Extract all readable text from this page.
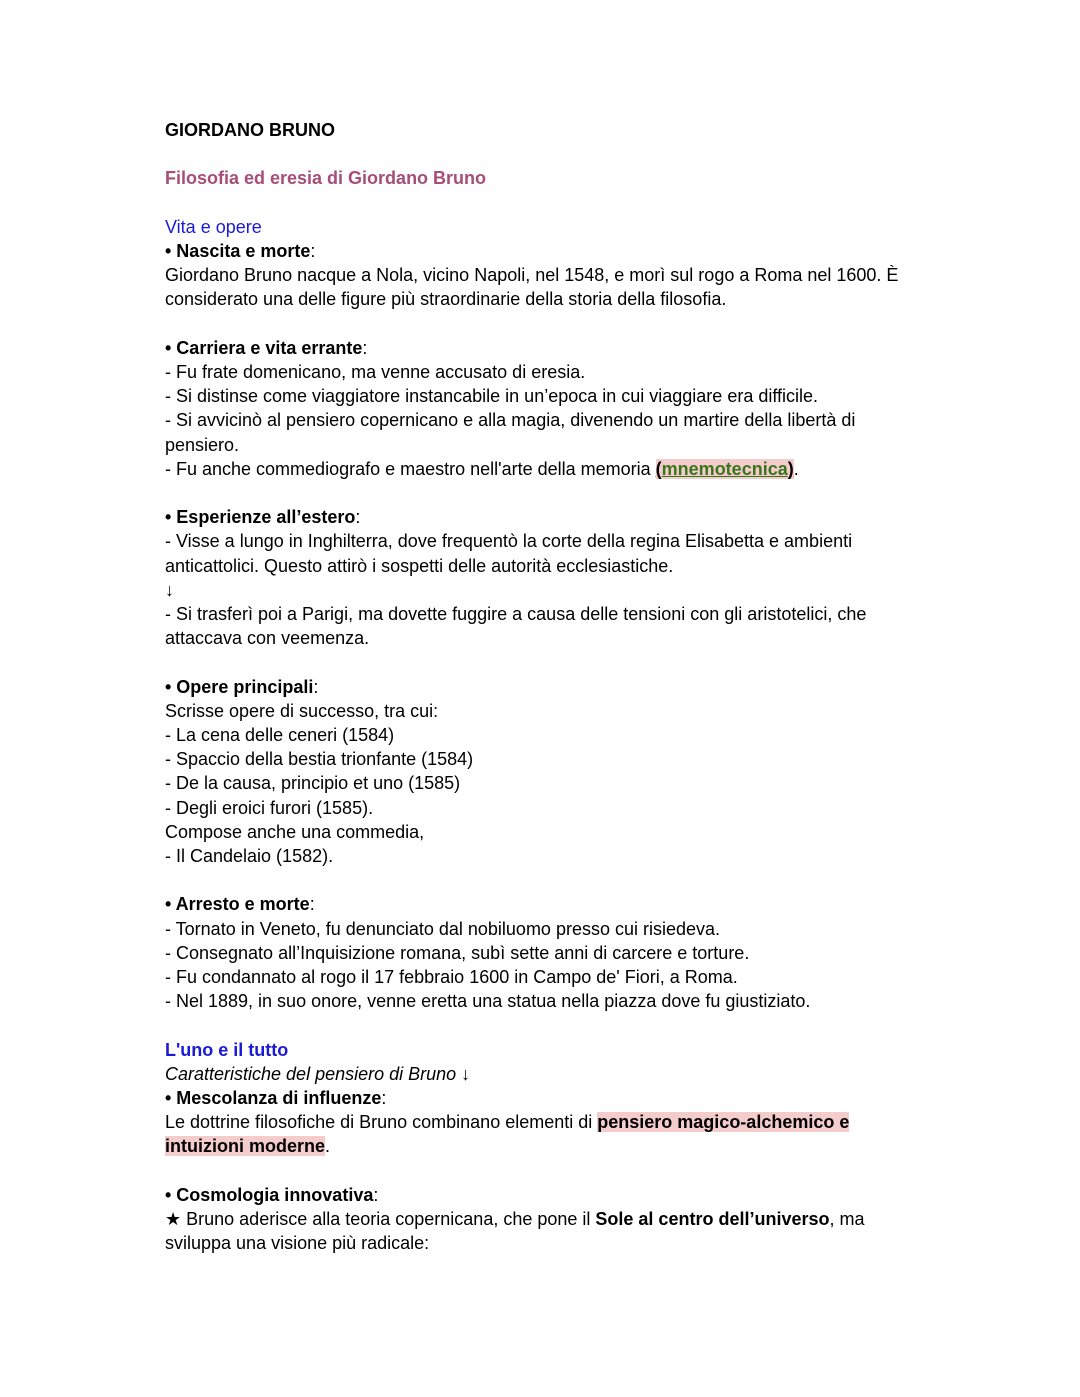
GIORDANO BRUNO

Filosofia ed eresia di Giordano Bruno

Vita e opere

• Nascita e morte:

Giordano Bruno nacque a Nola, vicino Napoli, nel 1548, e morì sul rogo a Roma nel 1600. È considerato una delle figure più straordinarie della storia della filosofia.

• Carriera e vita errante:

- Fu frate domenicano, ma venne accusato di eresia.

- Si distinse come viaggiatore instancabile in un’epoca in cui viaggiare era difficile.

- Si avvicinò al pensiero copernicano e alla magia, divenendo un martire della libertà di pensiero.

- Fu anche commediografo e maestro nell'arte della memoria (mnemotecnica).

• Esperienze all’estero:

- Visse a lungo in Inghilterra, dove frequentò la corte della regina Elisabetta e ambienti anticattolici. Questo attirò i sospetti delle autorità ecclesiastiche.

↓

- Si trasferì poi a Parigi, ma dovette fuggire a causa delle tensioni con gli aristotelici, che attaccava con veemenza.

• Opere principali:

Scrisse opere di successo, tra cui:

- La cena delle ceneri (1584)

- Spaccio della bestia trionfante (1584)

- De la causa, principio et uno (1585)

- Degli eroici furori (1585).

Compose anche una commedia,

- Il Candelaio (1582).

• Arresto e morte:

- Tornato in Veneto, fu denunciato dal nobiluomo presso cui risiedeva.

- Consegnato all’Inquisizione romana, subì sette anni di carcere e torture.

- Fu condannato al rogo il 17 febbraio 1600 in Campo de' Fiori, a Roma.

- Nel 1889, in suo onore, venne eretta una statua nella piazza dove fu giustiziato.

L'uno e il tutto

Caratteristiche del pensiero di Bruno ↓

• Mescolanza di influenze:

Le dottrine filosofiche di Bruno combinano elementi di pensiero magico-alchemico e intuizioni moderne.

• Cosmologia innovativa:

★ Bruno aderisce alla teoria copernicana, che pone il Sole al centro dell’universo, ma sviluppa una visione più radicale:
